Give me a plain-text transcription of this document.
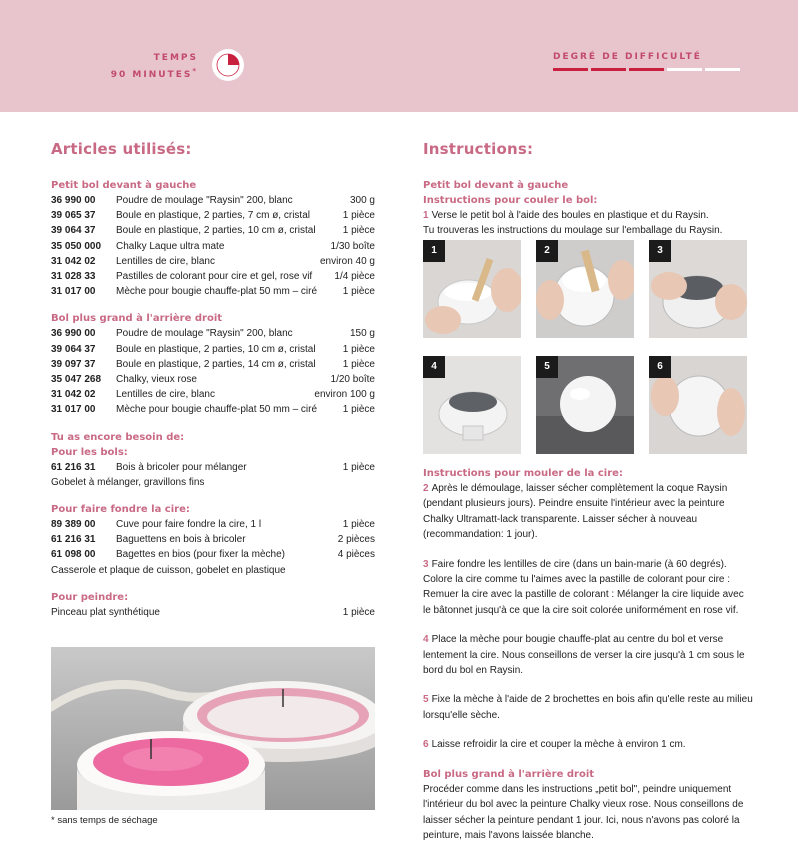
TEMPS
90 MINUTES*
DEGRÉ DE DIFFICULTÉ
Articles utilisés:
Petit bol devant à gauche
36 990 00	Poudre de moulage "Raysin" 200, blanc	300 g
39 065 37	Boule en plastique, 2 parties, 7 cm ø, cristal	1 pièce
39 064 37	Boule en plastique, 2 parties, 10 cm ø, cristal	1 pièce
35 050 000	Chalky Laque ultra mate	1/30 boîte
31 042 02	Lentilles de cire, blanc	environ 40 g
31 028 33	Pastilles de colorant pour cire et gel, rose vif	1/4 pièce
31 017 00	Mèche pour bougie chauffe-plat 50 mm – ciré	1 pièce
Bol plus grand à l'arrière droit
36 990 00	Poudre de moulage "Raysin" 200, blanc	150 g
39 064 37	Boule en plastique, 2 parties, 10 cm ø, cristal	1 pièce
39 097 37	Boule en plastique, 2 parties, 14 cm ø, cristal	1 pièce
35 047 268	Chalky, vieux rose	1/20 boîte
31 042 02	Lentilles de cire, blanc	environ 100 g
31 017 00	Mèche pour bougie chauffe-plat 50 mm – ciré	1 pièce
Tu as encore besoin de:
Pour les bols:
61 216 31	Bois à bricoler pour mélanger	1 pièce
Gobelet à mélanger, gravillons fins
Pour faire fondre la cire:
89 389 00	Cuve pour faire fondre la cire, 1 l	1 pièce
61 216 31	Baguettens en bois à bricoler	2 pièces
61 098 00	Bagettes en bios (pour fixer la mèche)	4 pièces
Casserole et plaque de cuisson, gobelet en plastique
Pour peindre:
Pinceau plat synthétique	1 pièce
* sans temps de séchage
Instructions:
Petit bol devant à gauche
Instructions pour couler le bol:
1 Verse le petit bol à l'aide des boules en plastique et du Raysin.
Tu trouveras les instructions du moulage sur l'emballage du Raysin.
1	2	3
4	5	6
Instructions pour mouler de la cire:
2 Après le démoulage, laisser sécher complètement la coque Raysin (pendant plusieurs jours). Peindre ensuite l'intérieur avec la peinture Chalky Ultramatt-lack transparente. Laisser sécher à nouveau (recommandation: 1 jour).
3 Faire fondre les lentilles de cire (dans un bain-marie (à 60 degrés). Colore la cire comme tu l'aimes avec la pastille de colorant pour cire : Remuer la cire avec la pastille de colorant : Mélanger la cire liquide avec le bâtonnet jusqu'à ce que la cire soit colorée uniformément en rose vif.
4 Place la mèche pour bougie chauffe-plat au centre du bol et verse lentement la cire. Nous conseillons de verser la cire jusqu'à 1 cm sous le bord du bol en Raysin.
5 Fixe la mèche à l'aide de 2 brochettes en bois afin qu'elle reste au milieu lorsqu'elle sèche.
6 Laisse refroidir la cire et couper la mèche à environ 1 cm.
Bol plus grand à l'arrière droit
Procéder comme dans les instructions „petit bol", peindre uniquement l'intérieur du bol avec la peinture Chalky vieux rose. Nous conseillons de laisser sécher la peinture pendant 1 jour. Ici, nous n'avons pas coloré la peinture, mais l'avons laissée blanche.
